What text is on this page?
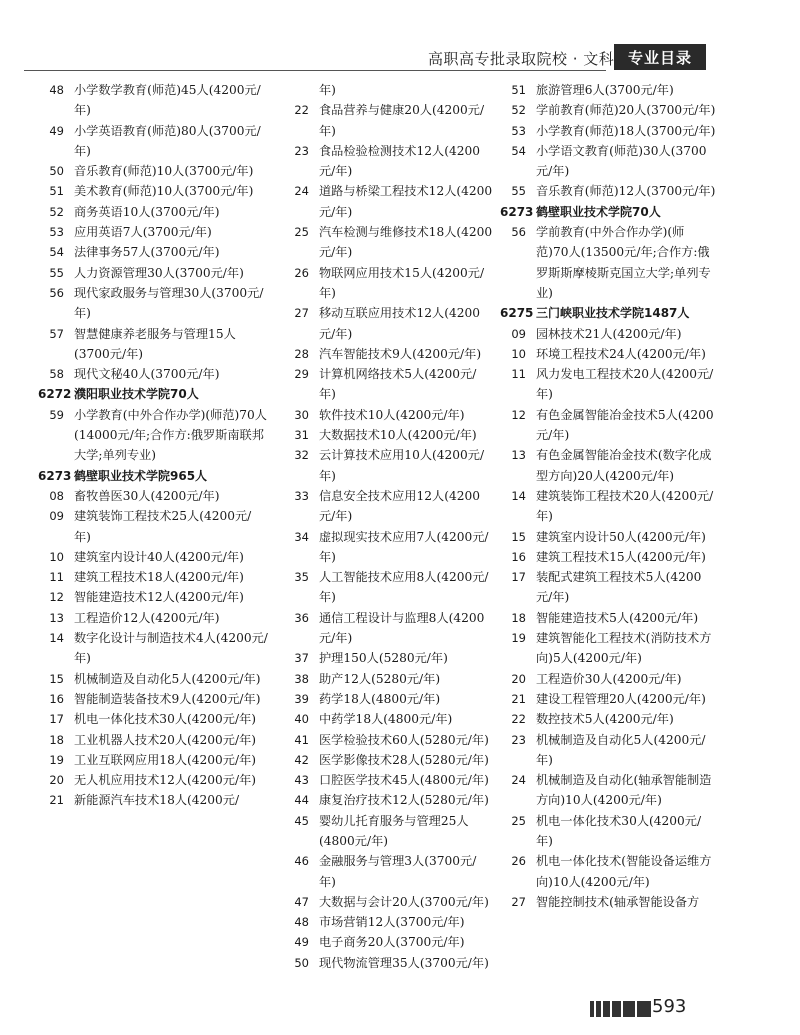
高职高专批录取院校 · 文科 专业目录
48 小学数学教育(师范)45人(4200元/年)
49 小学英语教育(师范)80人(3700元/年)
50 音乐教育(师范)10人(3700元/年)
51 美术教育(师范)10人(3700元/年)
52 商务英语10人(3700元/年)
53 应用英语7人(3700元/年)
54 法律事务57人(3700元/年)
55 人力资源管理30人(3700元/年)
56 现代家政服务与管理30人(3700元/年)
57 智慧健康养老服务与管理15人(3700元/年)
58 现代文秘40人(3700元/年)
6272 濮阳职业技术学院70人
59 小学教育(中外合作办学)(师范)70人(14000元/年;合作方:俄罗斯南联邦大学;单列专业)
6273 鹤壁职业技术学院965人
08 畜牧兽医30人(4200元/年)
09 建筑装饰工程技术25人(4200元/年)
10 建筑室内设计40人(4200元/年)
11 建筑工程技术18人(4200元/年)
12 智能建造技术12人(4200元/年)
13 工程造价12人(4200元/年)
14 数字化设计与制造技术4人(4200元/年)
15 机械制造及自动化5人(4200元/年)
16 智能制造装备技术9人(4200元/年)
17 机电一体化技术30人(4200元/年)
18 工业机器人技术20人(4200元/年)
19 工业互联网应用18人(4200元/年)
20 无人机应用技术12人(4200元/年)
21 新能源汽车技术18人(4200元/
年)
22 食品营养与健康20人(4200元/年)
23 食品检验检测技术12人(4200元/年)
24 道路与桥梁工程技术12人(4200元/年)
25 汽车检测与维修技术18人(4200元/年)
26 物联网应用技术15人(4200元/年)
27 移动互联应用技术12人(4200元/年)
28 汽车智能技术9人(4200元/年)
29 计算机网络技术5人(4200元/年)
30 软件技术10人(4200元/年)
31 大数据技术10人(4200元/年)
32 云计算技术应用10人(4200元/年)
33 信息安全技术应用12人(4200元/年)
34 虚拟现实技术应用7人(4200元/年)
35 人工智能技术应用8人(4200元/年)
36 通信工程设计与监理8人(4200元/年)
37 护理150人(5280元/年)
38 助产12人(5280元/年)
39 药学18人(4800元/年)
40 中药学18人(4800元/年)
41 医学检验技术60人(5280元/年)
42 医学影像技术28人(5280元/年)
43 口腔医学技术45人(4800元/年)
44 康复治疗技术12人(5280元/年)
45 婴幼儿托育服务与管理25人(4800元/年)
46 金融服务与管理3人(3700元/年)
47 大数据与会计20人(3700元/年)
48 市场营销12人(3700元/年)
49 电子商务20人(3700元/年)
50 现代物流管理35人(3700元/年)
51 旅游管理6人(3700元/年)
52 学前教育(师范)20人(3700元/年)
53 小学教育(师范)18人(3700元/年)
54 小学语文教育(师范)30人(3700元/年)
55 音乐教育(师范)12人(3700元/年)
6273 鹤壁职业技术学院70人
56 学前教育(中外合作办学)(师范)70人(13500元/年;合作方:俄罗斯斯摩棱斯克国立大学;单列专业)
6275 三门峡职业技术学院1487人
09 园林技术21人(4200元/年)
10 环境工程技术24人(4200元/年)
11 风力发电工程技术20人(4200元/年)
12 有色金属智能冶金技术5人(4200元/年)
13 有色金属智能冶金技术(数字化成型方向)20人(4200元/年)
14 建筑装饰工程技术20人(4200元/年)
15 建筑室内设计50人(4200元/年)
16 建筑工程技术15人(4200元/年)
17 装配式建筑工程技术5人(4200元/年)
18 智能建造技术5人(4200元/年)
19 建筑智能化工程技术(消防技术方向)5人(4200元/年)
20 工程造价30人(4200元/年)
21 建设工程管理20人(4200元/年)
22 数控技术5人(4200元/年)
23 机械制造及自动化5人(4200元/年)
24 机械制造及自动化(轴承智能制造方向)10人(4200元/年)
25 机电一体化技术30人(4200元/年)
26 机电一体化技术(智能设备运维方向)10人(4200元/年)
27 智能控制技术(轴承智能设备方
593
